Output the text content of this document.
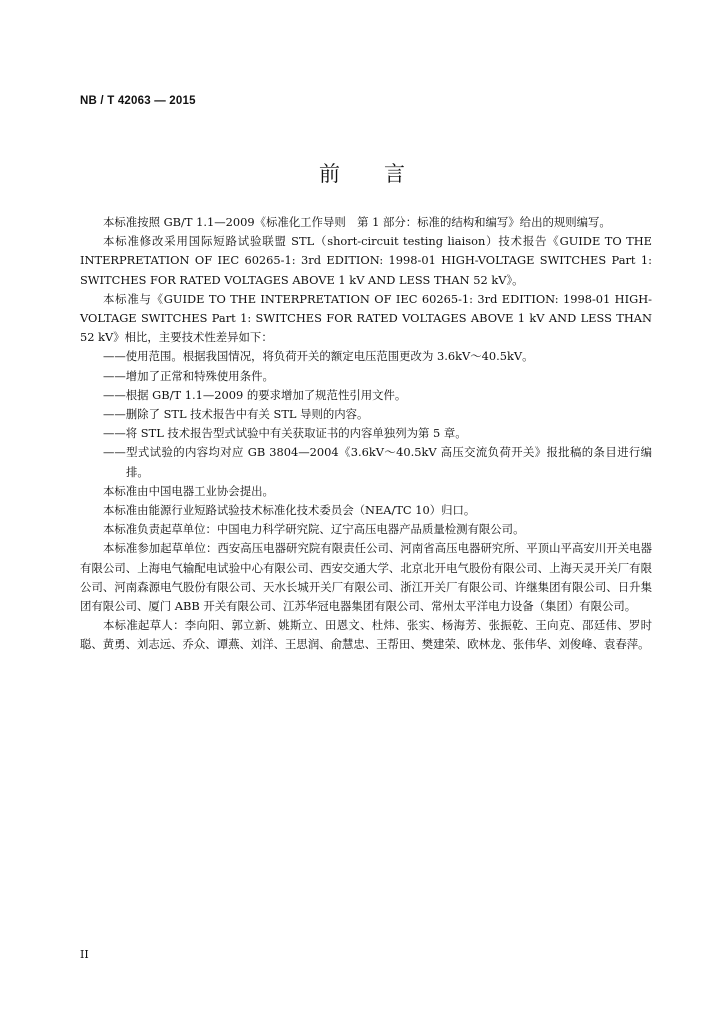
NB / T 42063 — 2015
前 言

本标准按照 GB/T 1.1—2009《标准化工作导则　第 1 部分：标准的结构和编写》给出的规则编写。

本标准修改采用国际短路试验联盟 STL（short-circuit testing liaison）技术报告《GUIDE TO THE INTERPRETATION OF IEC 60265-1: 3rd EDITION: 1998-01 HIGH-VOLTAGE SWITCHES Part 1: SWITCHES FOR RATED VOLTAGES ABOVE 1 kV AND LESS THAN 52 kV》。

本标准与《GUIDE TO THE INTERPRETATION OF IEC 60265-1: 3rd EDITION: 1998-01 HIGH-VOLTAGE SWITCHES Part 1: SWITCHES FOR RATED VOLTAGES ABOVE 1 kV AND LESS THAN 52 kV》相比，主要技术性差异如下：

——使用范围。根据我国情况，将负荷开关的额定电压范围更改为 3.6kV～40.5kV。

——增加了正常和特殊使用条件。

——根据 GB/T 1.1—2009 的要求增加了规范性引用文件。

——删除了 STL 技术报告中有关 STL 导则的内容。

——将 STL 技术报告型式试验中有关获取证书的内容单独列为第 5 章。

——型式试验的内容均对应 GB 3804—2004《3.6kV～40.5kV 高压交流负荷开关》报批稿的条目进行编排。

本标准由中国电器工业协会提出。

本标准由能源行业短路试验技术标准化技术委员会（NEA/TC 10）归口。

本标准负责起草单位：中国电力科学研究院、辽宁高压电器产品质量检测有限公司。

本标准参加起草单位：西安高压电器研究院有限责任公司、河南省高压电器研究所、平顶山平高安川开关电器有限公司、上海电气输配电试验中心有限公司、西安交通大学、北京北开电气股份有限公司、上海天灵开关厂有限公司、河南森源电气股份有限公司、天水长城开关厂有限公司、浙江开关厂有限公司、许继集团有限公司、日升集团有限公司、厦门 ABB 开关有限公司、江苏华冠电器集团有限公司、常州太平洋电力设备（集团）有限公司。

本标准起草人：李向阳、郭立新、姚斯立、田恩文、杜炜、张实、杨海芳、张振乾、王向克、邵廷伟、罗时聪、黄勇、刘志远、乔众、谭燕、刘洋、王思润、俞慧忠、王帮田、樊建荣、欧林龙、张伟华、刘俊峰、袁春萍。

II
